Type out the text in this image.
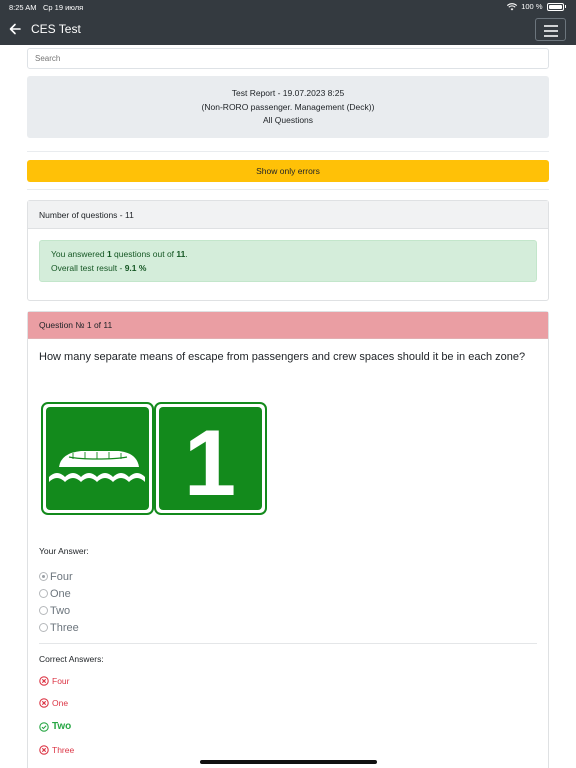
8:25 AM Ср 19 июля	100 %
CES Test
Search
Test Report - 19.07.2023 8:25
(Non-RORO passenger. Management (Deck))
All Questions
Show only errors
Number of questions - 11
You answered 1 questions out of 11.
Overall test result - 9.1 %
Question № 1 of 11
How many separate means of escape from passengers and crew spaces should it be in each zone?
1
Your Answer:
Four
One
Two
Three
Correct Answers:
Four
One
Two
Three
